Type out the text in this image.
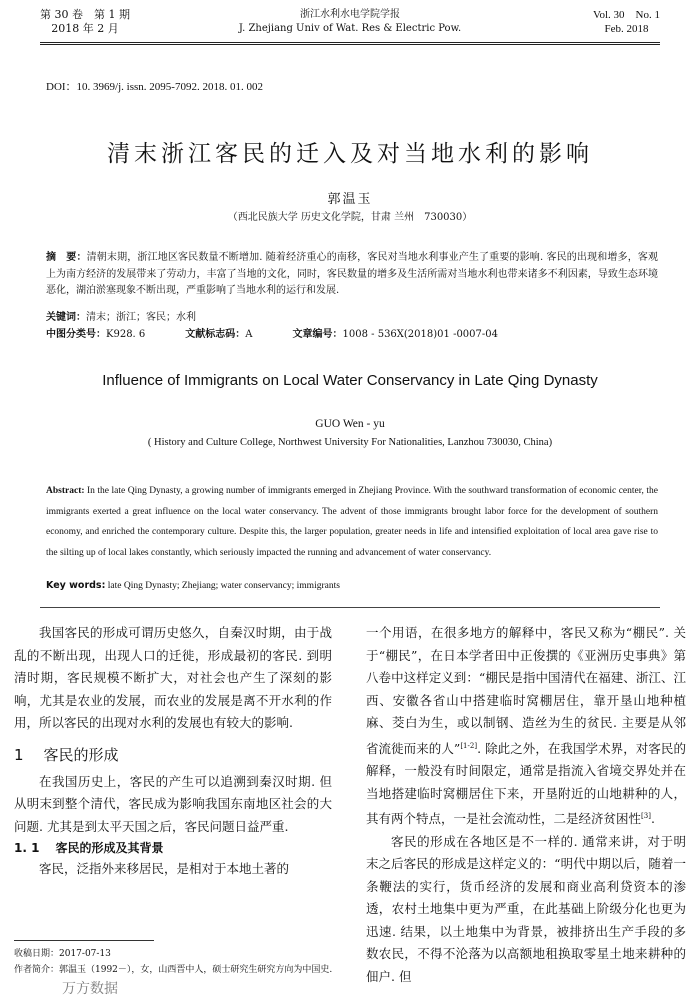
第 30 卷　第 1 期
2018 年 2 月
浙江水利水电学院学报
J. Zhejiang Univ of Wat. Res & Electric Pow.
Vol. 30　No. 1
Feb. 2018
DOI：10. 3969/j. issn. 2095-7092. 2018. 01. 002
清末浙江客民的迁入及对当地水利的影响
郭温玉
（西北民族大学 历史文化学院，甘肃 兰州　730030）
摘　要：清朝末期，浙江地区客民数量不断增加. 随着经济重心的南移，客民对当地水利事业产生了重要的影响. 客民的出现和增多，客观上为南方经济的发展带来了劳动力，丰富了当地的文化，同时，客民数量的增多及生活所需对当地水利也带来诸多不利因素，导致生态环境恶化，湖泊淤塞现象不断出现，严重影响了当地水利的运行和发展.
关键词：清末；浙江；客民；水利
中图分类号：K928. 6	文献标志码：A	文章编号：1008 - 536X(2018)01 -0007-04
Influence of Immigrants on Local Water Conservancy in Late Qing Dynasty
GUO Wen - yu
( History and Culture College, Northwest University For Nationalities, Lanzhou 730030, China)
Abstract: In the late Qing Dynasty, a growing number of immigrants emerged in Zhejiang Province. With the southward transformation of economic center, the immigrants exerted a great influence on the local water conservancy. The advent of those immigrants brought labor force for the development of southern economy, and enriched the contemporary culture. Despite this, the larger population, greater needs in life and intensified exploitation of local area gave rise to the silting up of local lakes constantly, which seriously impacted the running and advancement of water conservancy.
Key words: late Qing Dynasty; Zhejiang; water conservancy; immigrants

我国客民的形成可谓历史悠久，自秦汉时期，由于战乱的不断出现，出现人口的迁徙，形成最初的客民. 到明清时期，客民规模不断扩大，对社会也产生了深刻的影响，尤其是农业的发展，而农业的发展是离不开水利的作用，所以客民的出现对水利的发展也有较大的影响.

1 客民的形成

在我国历史上，客民的产生可以追溯到秦汉时期. 但从明末到整个清代，客民成为影响我国东南地区社会的大问题. 尤其是到太平天国之后，客民问题日益严重.

1. 1 客民的形成及其背景

客民，泛指外来移居民，是相对于本地土著的

一个用语，在很多地方的解释中，客民又称为“棚民”. 关于“棚民”，在日本学者田中正俊撰的《亚洲历史事典》第八卷中这样定义到：“棚民是指中国清代在福建、浙江、江西、安徽各省山中搭建临时窝棚居住，靠开垦山地种植麻、茭白为生，或以制钢、造丝为生的贫民. 主要是从邻省流徙而来的人”[1-2]. 除此之外，在我国学术界，对客民的解释，一般没有时间限定，通常是指流入省境交界处并在当地搭建临时窝棚居住下来，开垦附近的山地耕种的人，其有两个特点，一是社会流动性，二是经济贫困性[3].

客民的形成在各地区是不一样的. 通常来讲，对于明末之后客民的形成是这样定义的：“明代中期以后，随着一条鞭法的实行，货币经济的发展和商业高利贷资本的渗透，农村土地集中更为严重，在此基础上阶级分化也更为迅速. 结果，以土地集中为背景，被排挤出生产手段的多数农民，不得不沦落为以高额地租换取零星土地来耕种的佃户. 但

收稿日期：2017-07-13
作者简介：郭温玉（1992－），女，山西晋中人，硕士研究生研究方向为中国史.
万方数据
